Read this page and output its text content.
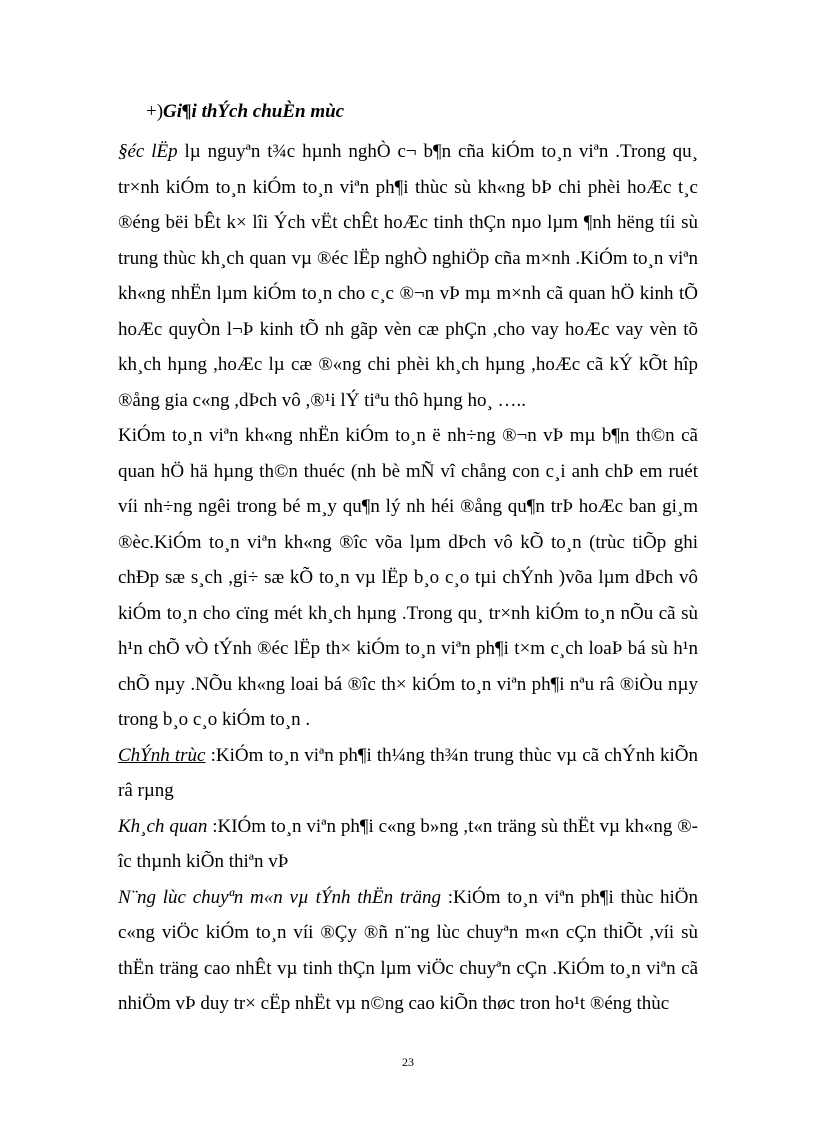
+)Gi¶i thÝch chuÈn mùc

§éc lËp lµ nguyªn t¾c hµnh nghÒ c¬ b¶n cña kiÓm to¸n viªn .Trong qu¸ tr×nh kiÓm to¸n kiÓm to¸n viªn ph¶i thùc sù kh«ng bÞ chi phèi hoÆc t¸c ®éng bëi bÊt k× lîi Ých vËt chÊt hoÆc tinh thÇn nµo lµm ¶nh hëng tíi sù trung thùc kh¸ch quan vµ ®éc lËp nghÒ nghiÖp cña m×nh .KiÓm to¸n viªn kh«ng nhËn lµm kiÓm to¸n cho c¸c ®¬n vÞ mµ m×nh cã quan hÖ kinh tÕ hoÆc quyÒn l¬Þ kinh tÕ nh gãp vèn cæ phÇn ,cho vay hoÆc vay vèn tõ kh¸ch hµng ,hoÆc lµ cæ ®«ng chi phèi kh¸ch hµng ,hoÆc cã kÝ kÕt hîp ®ång gia c«ng ,dÞch vô ,®¹i lÝ tiªu thô hµng ho¸ …..

KiÓm to¸n viªn kh«ng nhËn kiÓm to¸n ë nh÷ng ®¬n vÞ mµ b¶n th©n cã quan hÖ hä hµng th©n thuéc (nh bè mÑ vî chång con c¸i anh chÞ em ruét víi nh÷ng ngêi trong bé m¸y qu¶n lý nh héi ®ång qu¶n trÞ hoÆc ban gi¸m ®èc.KiÓm to¸n viªn kh«ng ®îc võa lµm dÞch vô kÕ to¸n (trùc tiÕp ghi chÐp sæ s¸ch ,gi÷ sæ kÕ to¸n vµ lËp b¸o c¸o tµi chÝnh )võa lµm dÞch vô kiÓm to¸n cho cïng mét kh¸ch hµng .Trong qu¸ tr×nh kiÓm to¸n nÕu cã sù h¹n chÕ vÒ tÝnh ®éc lËp th× kiÓm to¸n viªn ph¶i t×m c¸ch loaÞ bá sù h¹n chÕ nµy .NÕu kh«ng loai bá ®îc th× kiÓm to¸n viªn ph¶i nªu râ ®iÒu nµy trong b¸o c¸o kiÓm to¸n .

ChÝnh trùc :KiÓm to¸n viªn ph¶i th¼ng th¾n trung thùc vµ cã chÝnh kiÕn râ rµng

Kh¸ch quan :KIÓm to¸n viªn ph¶i c«ng b»ng ,t«n träng sù thËt vµ kh«ng ®îc thµnh kiÕn thiªn vÞ

N¨ng lùc chuyªn m«n vµ tÝnh thËn träng :KiÓm to¸n viªn ph¶i thùc hiÖn c«ng viÖc kiÓm to¸n víi ®Çy ®ñ n¨ng lùc chuyªn m«n cÇn thiÕt ,víi sù thËn träng cao nhÊt vµ tinh thÇn lµm viÖc chuyªn cÇn .KiÓm to¸n viªn cã nhiÖm vÞ duy tr× cËp nhËt vµ n©ng cao kiÕn thøc tron ho¹t ®éng thùc

23
